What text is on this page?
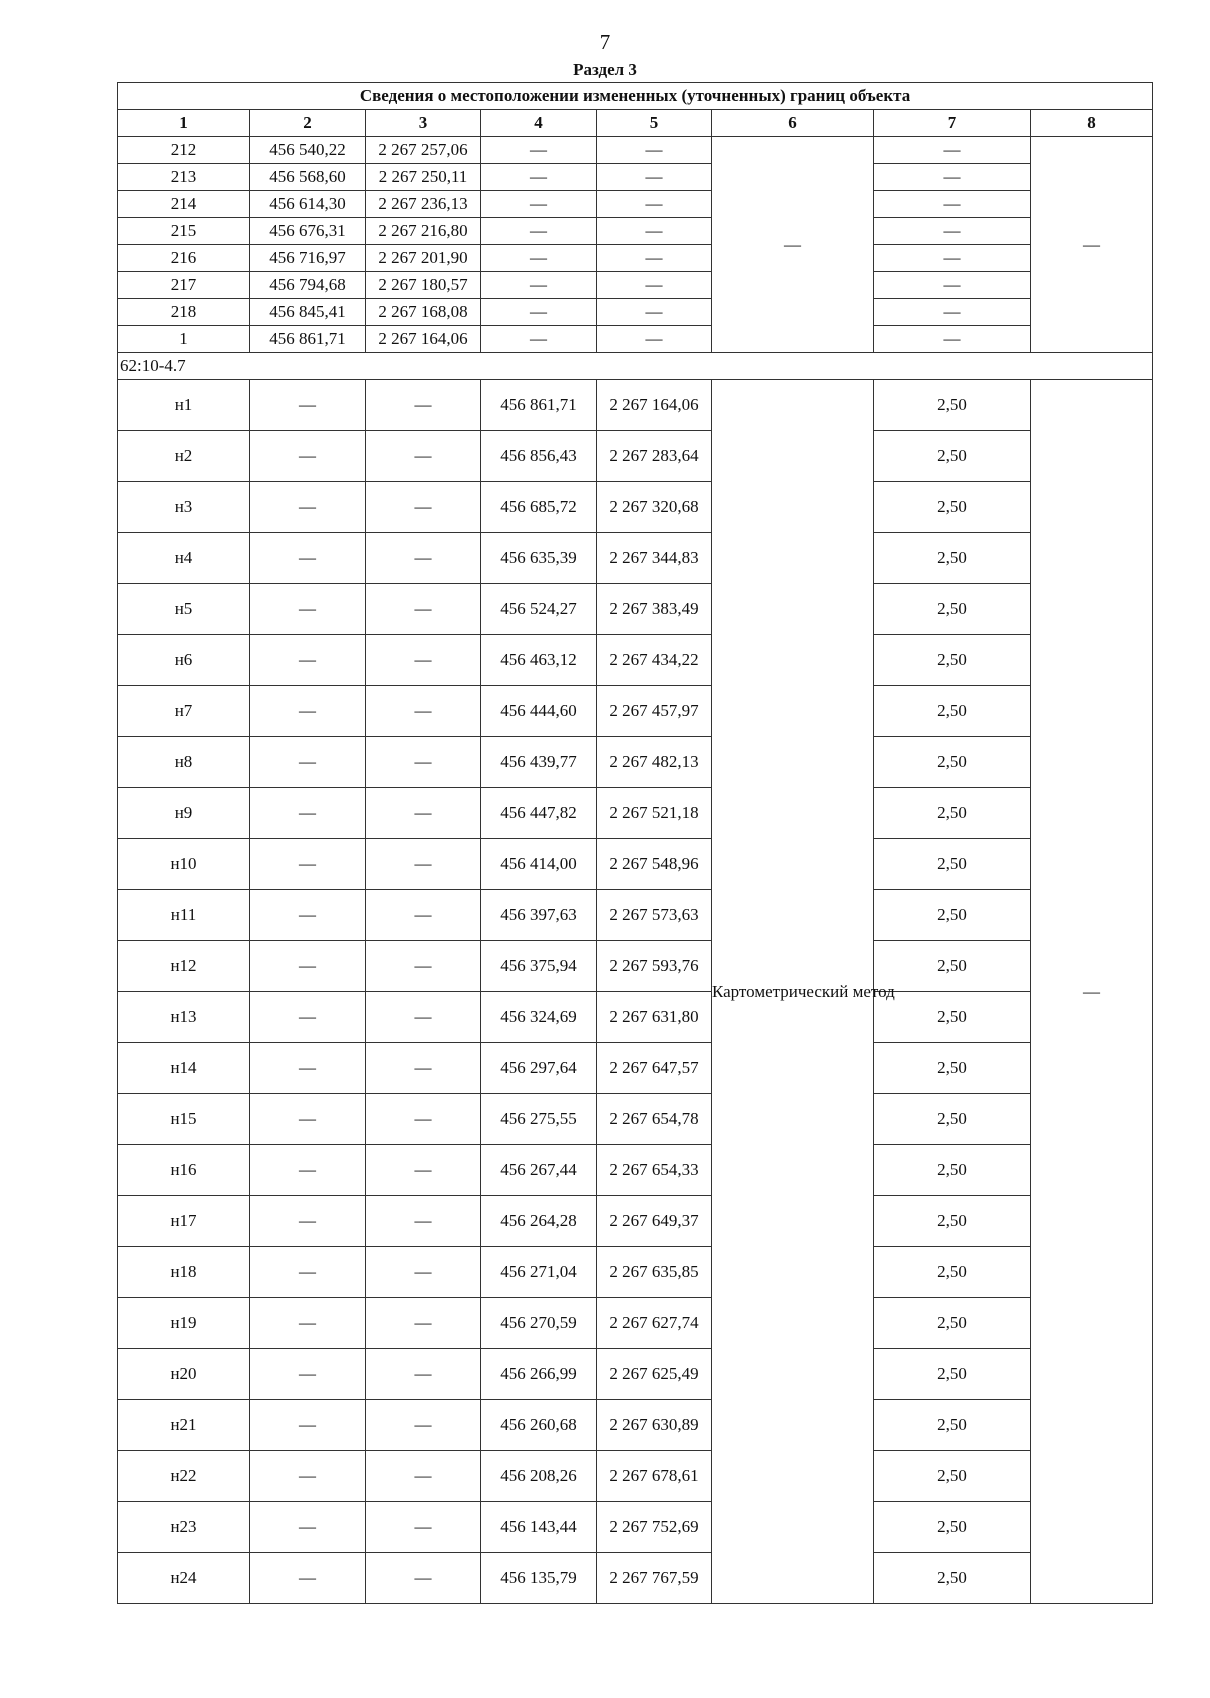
7
Раздел 3
Сведения о местоположении измененных (уточненных) границ объекта							
1	2	3	4	5	6	7	8
212	456 540,22	2 267 257,06	—	—	—	—	—
213	456 568,60	2 267 250,11	—	—		—	
214	456 614,30	2 267 236,13	—	—		—	
215	456 676,31	2 267 216,80	—	—		—	
216	456 716,97	2 267 201,90	—	—		—	
217	456 794,68	2 267 180,57	—	—		—	
218	456 845,41	2 267 168,08	—	—		—	
1	456 861,71	2 267 164,06	—	—		—	
62:10-4.7							
н1	—	—	456 861,71	2 267 164,06	Картометрический метод	2,50	—
н2	—	—	456 856,43	2 267 283,64		2,50	
н3	—	—	456 685,72	2 267 320,68		2,50	
н4	—	—	456 635,39	2 267 344,83		2,50	
н5	—	—	456 524,27	2 267 383,49		2,50	
н6	—	—	456 463,12	2 267 434,22		2,50	
н7	—	—	456 444,60	2 267 457,97		2,50	
н8	—	—	456 439,77	2 267 482,13		2,50	
н9	—	—	456 447,82	2 267 521,18		2,50	
н10	—	—	456 414,00	2 267 548,96		2,50	
н11	—	—	456 397,63	2 267 573,63		2,50	
н12	—	—	456 375,94	2 267 593,76		2,50	
н13	—	—	456 324,69	2 267 631,80		2,50	
н14	—	—	456 297,64	2 267 647,57		2,50	
н15	—	—	456 275,55	2 267 654,78		2,50	
н16	—	—	456 267,44	2 267 654,33		2,50	
н17	—	—	456 264,28	2 267 649,37		2,50	
н18	—	—	456 271,04	2 267 635,85		2,50	
н19	—	—	456 270,59	2 267 627,74		2,50	
н20	—	—	456 266,99	2 267 625,49		2,50	
н21	—	—	456 260,68	2 267 630,89		2,50	
н22	—	—	456 208,26	2 267 678,61		2,50	
н23	—	—	456 143,44	2 267 752,69		2,50	
н24	—	—	456 135,79	2 267 767,59		2,50	
